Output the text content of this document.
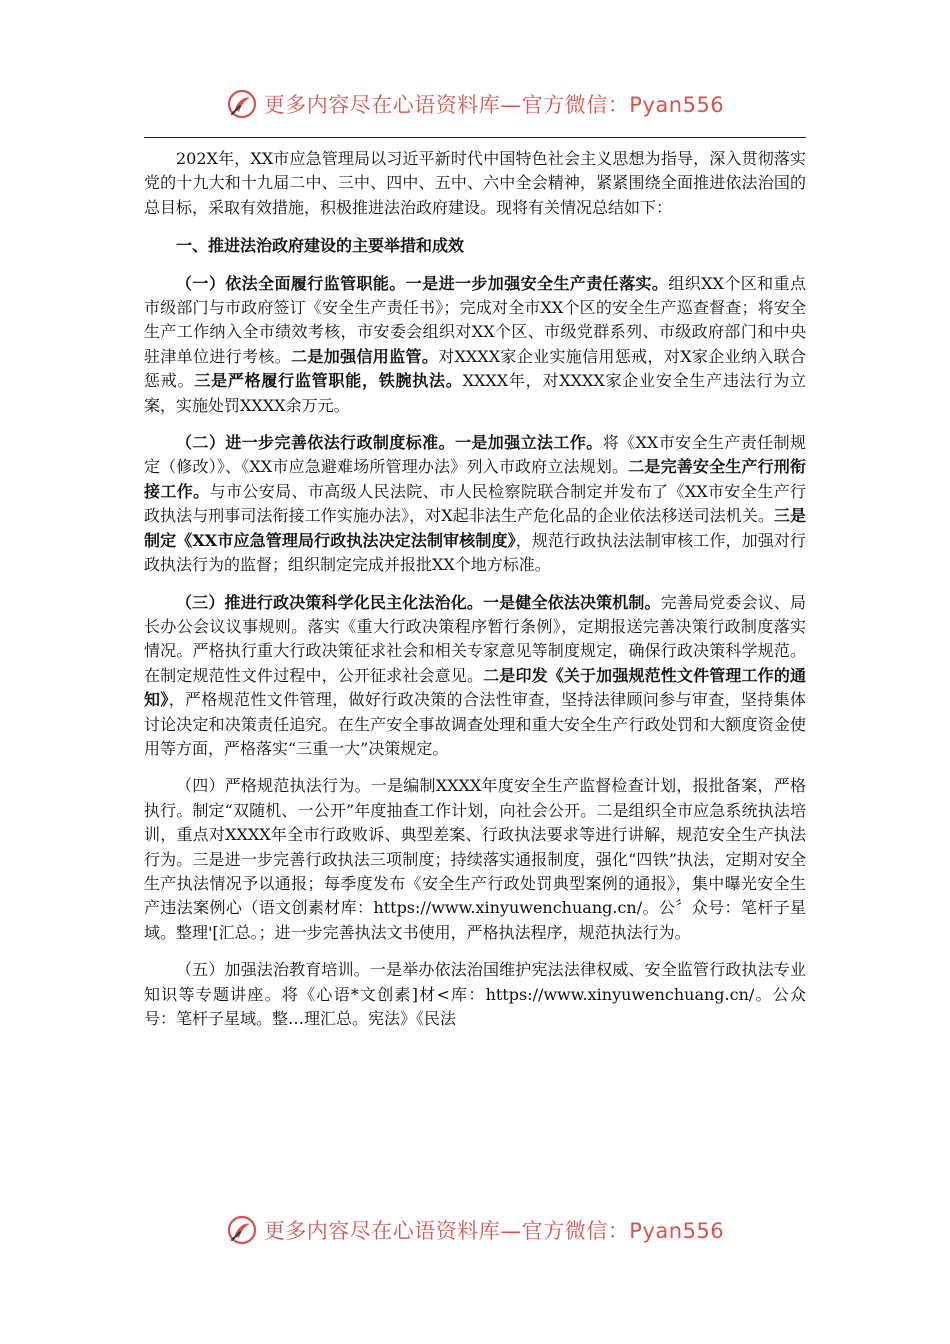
更多内容尽在心语资料库—官方微信：Pyan556

202X年，XX市应急管理局以习近平新时代中国特色社会主义思想为指导，深入贯彻落实党的十九大和十九届二中、三中、四中、五中、六中全会精神，紧紧围绕全面推进依法治国的总目标，采取有效措施，积极推进法治政府建设。现将有关情况总结如下：

一、推进法治政府建设的主要举措和成效

（一）依法全面履行监管职能。一是进一步加强安全生产责任落实。组织XX个区和重点市级部门与市政府签订《安全生产责任书》；完成对全市XX个区的安全生产巡查督查；将安全生产工作纳入全市绩效考核，市安委会组织对XX个区、市级党群系列、市级政府部门和中央驻津单位进行考核。二是加强信用监管。对XXXX家企业实施信用惩戒，对X家企业纳入联合惩戒。三是严格履行监管职能，铁腕执法。XXXX年，对XXXX家企业安全生产违法行为立案，实施处罚XXXX余万元。

（二）进一步完善依法行政制度标准。一是加强立法工作。将《XX市安全生产责任制规定（修改）》、《XX市应急避难场所管理办法》列入市政府立法规划。二是完善安全生产行刑衔接工作。与市公安局、市高级人民法院、市人民检察院联合制定并发布了《XX市安全生产行政执法与刑事司法衔接工作实施办法》，对X起非法生产危化品的企业依法移送司法机关。三是制定《XX市应急管理局行政执法决定法制审核制度》，规范行政执法法制审核工作，加强对行政执法行为的监督；组织制定完成并报批XX个地方标准。

（三）推进行政决策科学化民主化法治化。一是健全依法决策机制。完善局党委会议、局长办公会议议事规则。落实《重大行政决策程序暂行条例》，定期报送完善决策行政制度落实情况。严格执行重大行政决策征求社会和相关专家意见等制度规定，确保行政决策科学规范。在制定规范性文件过程中，公开征求社会意见。二是印发《关于加强规范性文件管理工作的通知》，严格规范性文件管理，做好行政决策的合法性审查，坚持法律顾问参与审查，坚持集体讨论决定和决策责任追究。在生产安全事故调查处理和重大安全生产行政处罚和大额度资金使用等方面，严格落实“三重一大”决策规定。

（四）严格规范执法行为。一是编制XXXX年度安全生产监督检查计划，报批备案，严格执行。制定“双随机、一公开”年度抽查工作计划，向社会公开。二是组织全市应急系统执法培训，重点对XXXX年全市行政败诉、典型差案、行政执法要求等进行讲解，规范安全生产执法行为。三是进一步完善行政执法三项制度；持续落实通报制度，强化“四铁”执法，定期对安全生产执法情况予以通报；每季度发布《安全生产行政处罚典型案例的通报》，集中曝光安全生产违法案例心（语文创素材库：https://www.xinyuwenchuang.cn/。公〞众号：笔杆子星域。整理'[汇总。；进一步完善执法文书使用，严格执法程序，规范执法行为。

（五）加强法治教育培训。一是举办依法治国维护宪法法律权威、安全监管行政执法专业知识等专题讲座。将《心语*文创素]材<库：https://www.xinyuwenchuang.cn/。公众号：笔杆子星域。整…理汇总。宪法》《民法

更多内容尽在心语资料库—官方微信：Pyan556
